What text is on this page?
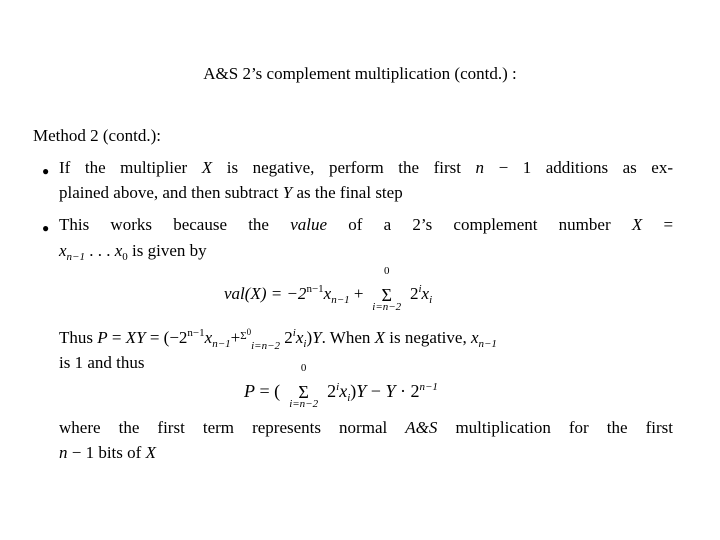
A&S 2’s complement multiplication (contd.) :
Method 2 (contd.):
● If the multiplier X is negative, perform the first n − 1 additions as ex-
plained above, and then subtract Y as the final step
● This works because the value of a 2’s complement number X =
$x_{n-1}$ . . . $x_0$ is given by
$val(X) = -2^{n-1}x_{n-1}$ +
0
Σ
i=n−2
$2^ix_i$
Thus P = XY = ($-2^{n-1}x_{n-1}+^{\Sigma 0}_{i=n-2}$ $2^ix_i)Y$. When X is negative, $x_{n-1}$
is 1 and thus
P = (
0
Σ
i=n−2
$2^ix_i)Y - Y \cdot 2^{n-1}$
where the first term represents normal A&S multiplication for the first
n − 1 bits of X
